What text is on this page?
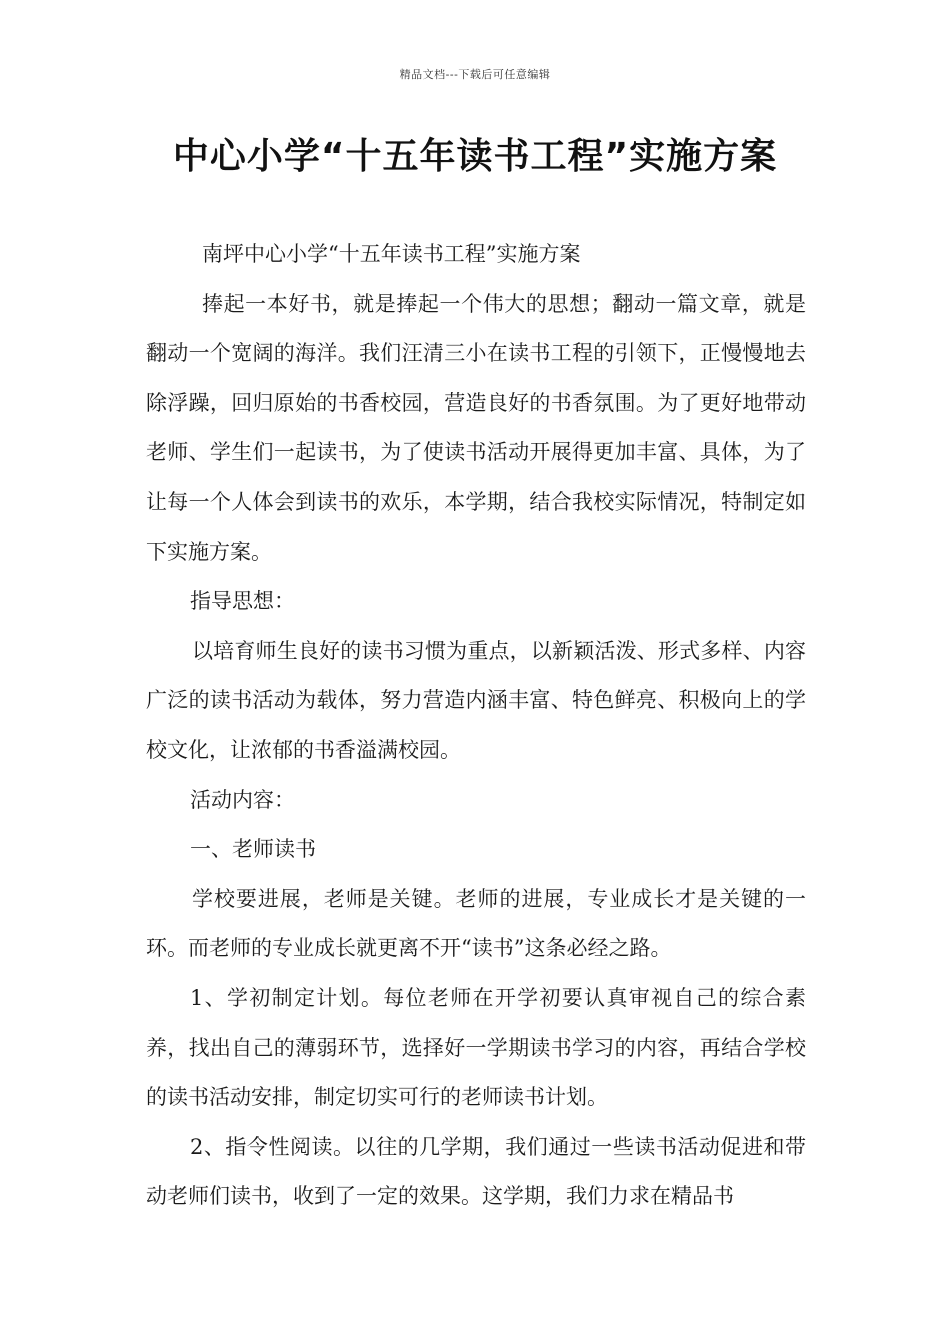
精品文档---下载后可任意编辑
中心小学“十五年读书工程”实施方案

南坪中心小学“十五年读书工程”实施方案

捧起一本好书，就是捧起一个伟大的思想；翻动一篇文章，就是翻动一个宽阔的海洋。我们汪清三小在读书工程的引领下，正慢慢地去除浮躁，回归原始的书香校园，营造良好的书香氛围。为了更好地带动老师、学生们一起读书，为了使读书活动开展得更加丰富、具体，为了让每一个人体会到读书的欢乐，本学期，结合我校实际情况，特制定如下实施方案。

指导思想：

以培育师生良好的读书习惯为重点，以新颖活泼、形式多样、内容广泛的读书活动为载体，努力营造内涵丰富、特色鲜亮、积极向上的学校文化，让浓郁的书香溢满校园。

活动内容：

一、老师读书

学校要进展，老师是关键。老师的进展，专业成长才是关键的一环。而老师的专业成长就更离不开“读书”这条必经之路。

1、学初制定计划。每位老师在开学初要认真审视自己的综合素养，找出自己的薄弱环节，选择好一学期读书学习的内容，再结合学校的读书活动安排，制定切实可行的老师读书计划。

2、指令性阅读。以往的几学期，我们通过一些读书活动促进和带动老师们读书，收到了一定的效果。这学期，我们力求在精品书
